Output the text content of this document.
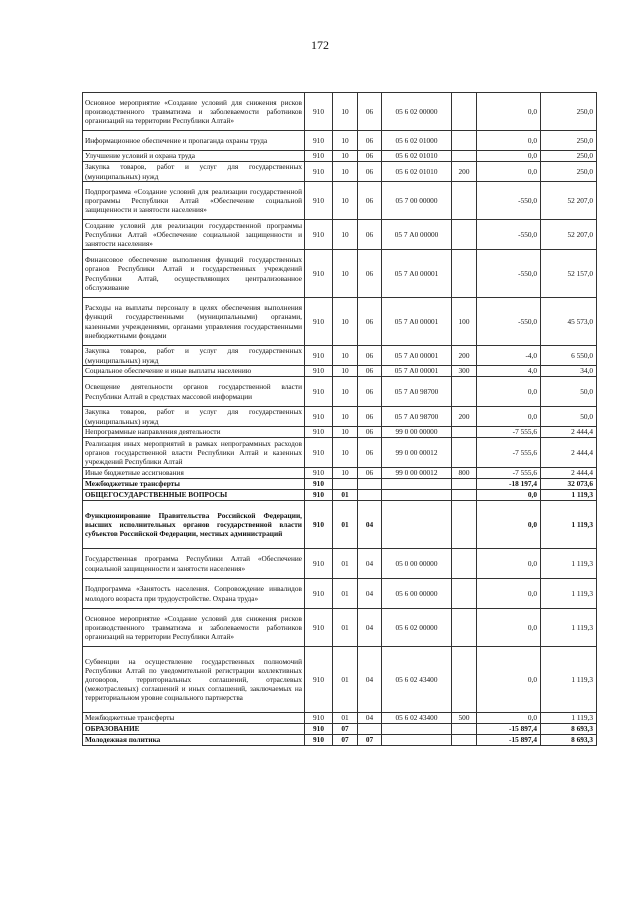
172
Основное мероприятие «Создание условий для снижения рисков производственного травматизма и заболеваемости работников организаций на территории Республики Алтай»	910	10	06	05 6 02 00000		0,0	250,0
Информационное обеспечение и пропаганда охраны труда	910	10	06	05 6 02 01000		0,0	250,0
Улучшение условий и охрана труда	910	10	06	05 6 02 01010		0,0	250,0
Закупка товаров, работ и услуг для государственных (муниципальных) нужд	910	10	06	05 6 02 01010	200	0,0	250,0
Подпрограмма «Создание условий для реализации государственной программы Республики Алтай «Обеспечение социальной защищенности и занятости населения»	910	10	06	05 7 00 00000		-550,0	52 207,0
Создание условий для реализации государственной программы Республики Алтай «Обеспечение социальной защищенности и занятости населения»	910	10	06	05 7 А0 00000		-550,0	52 207,0
Финансовое обеспечение выполнения функций государственных органов Республики Алтай и государственных учреждений Республики Алтай, осуществляющих централизованное обслуживание	910	10	06	05 7 А0 00001		-550,0	52 157,0
Расходы на выплаты персоналу в целях обеспечения выполнения функций государственными (муниципальными) органами, казенными учреждениями, органами управления государственными внебюджетными фондами	910	10	06	05 7 А0 00001	100	-550,0	45 573,0
Закупка товаров, работ и услуг для государственных (муниципальных) нужд	910	10	06	05 7 А0 00001	200	-4,0	6 550,0
Социальное обеспечение и иные выплаты населению	910	10	06	05 7 А0 00001	300	4,0	34,0
Освещение деятельности органов государственной власти Республики Алтай в средствах массовой информации	910	10	06	05 7 А0 98700		0,0	50,0
Закупка товаров, работ и услуг для государственных (муниципальных) нужд	910	10	06	05 7 А0 98700	200	0,0	50,0
Непрограммные направления деятельности	910	10	06	99 0 00 00000		-7 555,6	2 444,4
Реализация иных мероприятий в рамках непрограммных расходов органов государственной власти Республики Алтай и казенных учреждений Республики Алтай	910	10	06	99 0 00 00012		-7 555,6	2 444,4
Иные бюджетные ассигнования	910	10	06	99 0 00 00012	800	-7 555,6	2 444,4
Межбюджетные трансферты	910					-18 197,4	32 073,6
ОБЩЕГОСУДАРСТВЕННЫЕ ВОПРОСЫ	910	01				0,0	1 119,3
Функционирование Правительства Российской Федерации, высших исполнительных органов государственной власти субъектов Российской Федерации, местных администраций	910	01	04			0,0	1 119,3
Государственная программа Республики Алтай «Обеспечение социальной защищенности и занятости населения»	910	01	04	05 0 00 00000		0,0	1 119,3
Подпрограмма «Занятость населения. Сопровождение инвалидов молодого возраста при трудоустройстве. Охрана труда»	910	01	04	05 6 00 00000		0,0	1 119,3
Основное мероприятие «Создание условий для снижения рисков производственного травматизма и заболеваемости работников организаций на территории Республики Алтай»	910	01	04	05 6 02 00000		0,0	1 119,3
Субвенции на осуществление государственных полномочий Республики Алтай по уведомительной регистрации коллективных договоров, территориальных соглашений, отраслевых (межотраслевых) соглашений и иных соглашений, заключаемых на территориальном уровне социального партнерства	910	01	04	05 6 02 43400		0,0	1 119,3
Межбюджетные трансферты	910	01	04	05 6 02 43400	500	0,0	1 119,3
ОБРАЗОВАНИЕ	910	07				-15 897,4	8 693,3
Молодежная политика	910	07	07			-15 897,4	8 693,3
